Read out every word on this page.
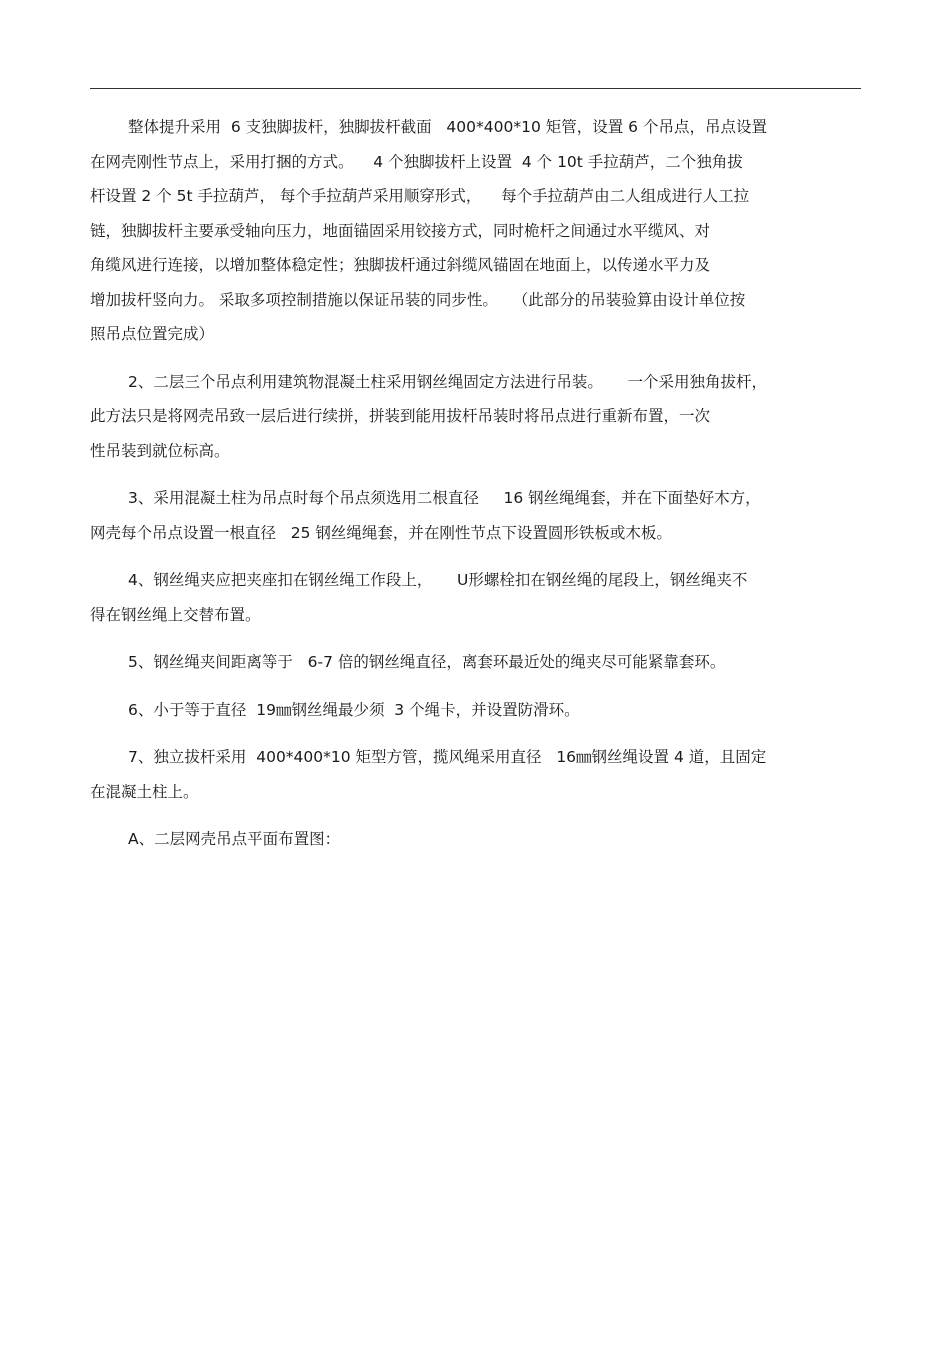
整体提升采用  6 支独脚拔杆，独脚拔杆截面   400*400*10 矩管，设置 6 个吊点，吊点设置
在网壳刚性节点上，采用打捆的方式。    4 个独脚拔杆上设置  4 个 10t 手拉葫芦，二个独角拔
杆设置 2 个 5t 手拉葫芦， 每个手拉葫芦采用顺穿形式，    每个手拉葫芦由二人组成进行人工拉
链，独脚拔杆主要承受轴向压力，地面锚固采用铰接方式，同时桅杆之间通过水平缆风、对
角缆风进行连接，以增加整体稳定性；独脚拔杆通过斜缆风锚固在地面上，以传递水平力及
增加拔杆竖向力。 采取多项控制措施以保证吊装的同步性。   （此部分的吊装验算由设计单位按
照吊点位置完成）
2、二层三个吊点利用建筑物混凝土柱采用钢丝绳固定方法进行吊装。     一个采用独角拔杆，
此方法只是将网壳吊致一层后进行续拼，拼装到能用拔杆吊装时将吊点进行重新布置，一次
性吊装到就位标高。
3、采用混凝土柱为吊点时每个吊点须选用二根直径     16 钢丝绳绳套，并在下面垫好木方，
网壳每个吊点设置一根直径   25 钢丝绳绳套，并在刚性节点下设置圆形铁板或木板。
4、钢丝绳夹应把夹座扣在钢丝绳工作段上，     U形螺栓扣在钢丝绳的尾段上，钢丝绳夹不
得在钢丝绳上交替布置。
5、钢丝绳夹间距离等于   6-7 倍的钢丝绳直径，离套环最近处的绳夹尽可能紧靠套环。
6、小于等于直径  19㎜钢丝绳最少须  3 个绳卡，并设置防滑环。
7、独立拔杆采用  400*400*10 矩型方管，揽风绳采用直径   16㎜钢丝绳设置 4 道，且固定
在混凝土柱上。
A、二层网壳吊点平面布置图：
